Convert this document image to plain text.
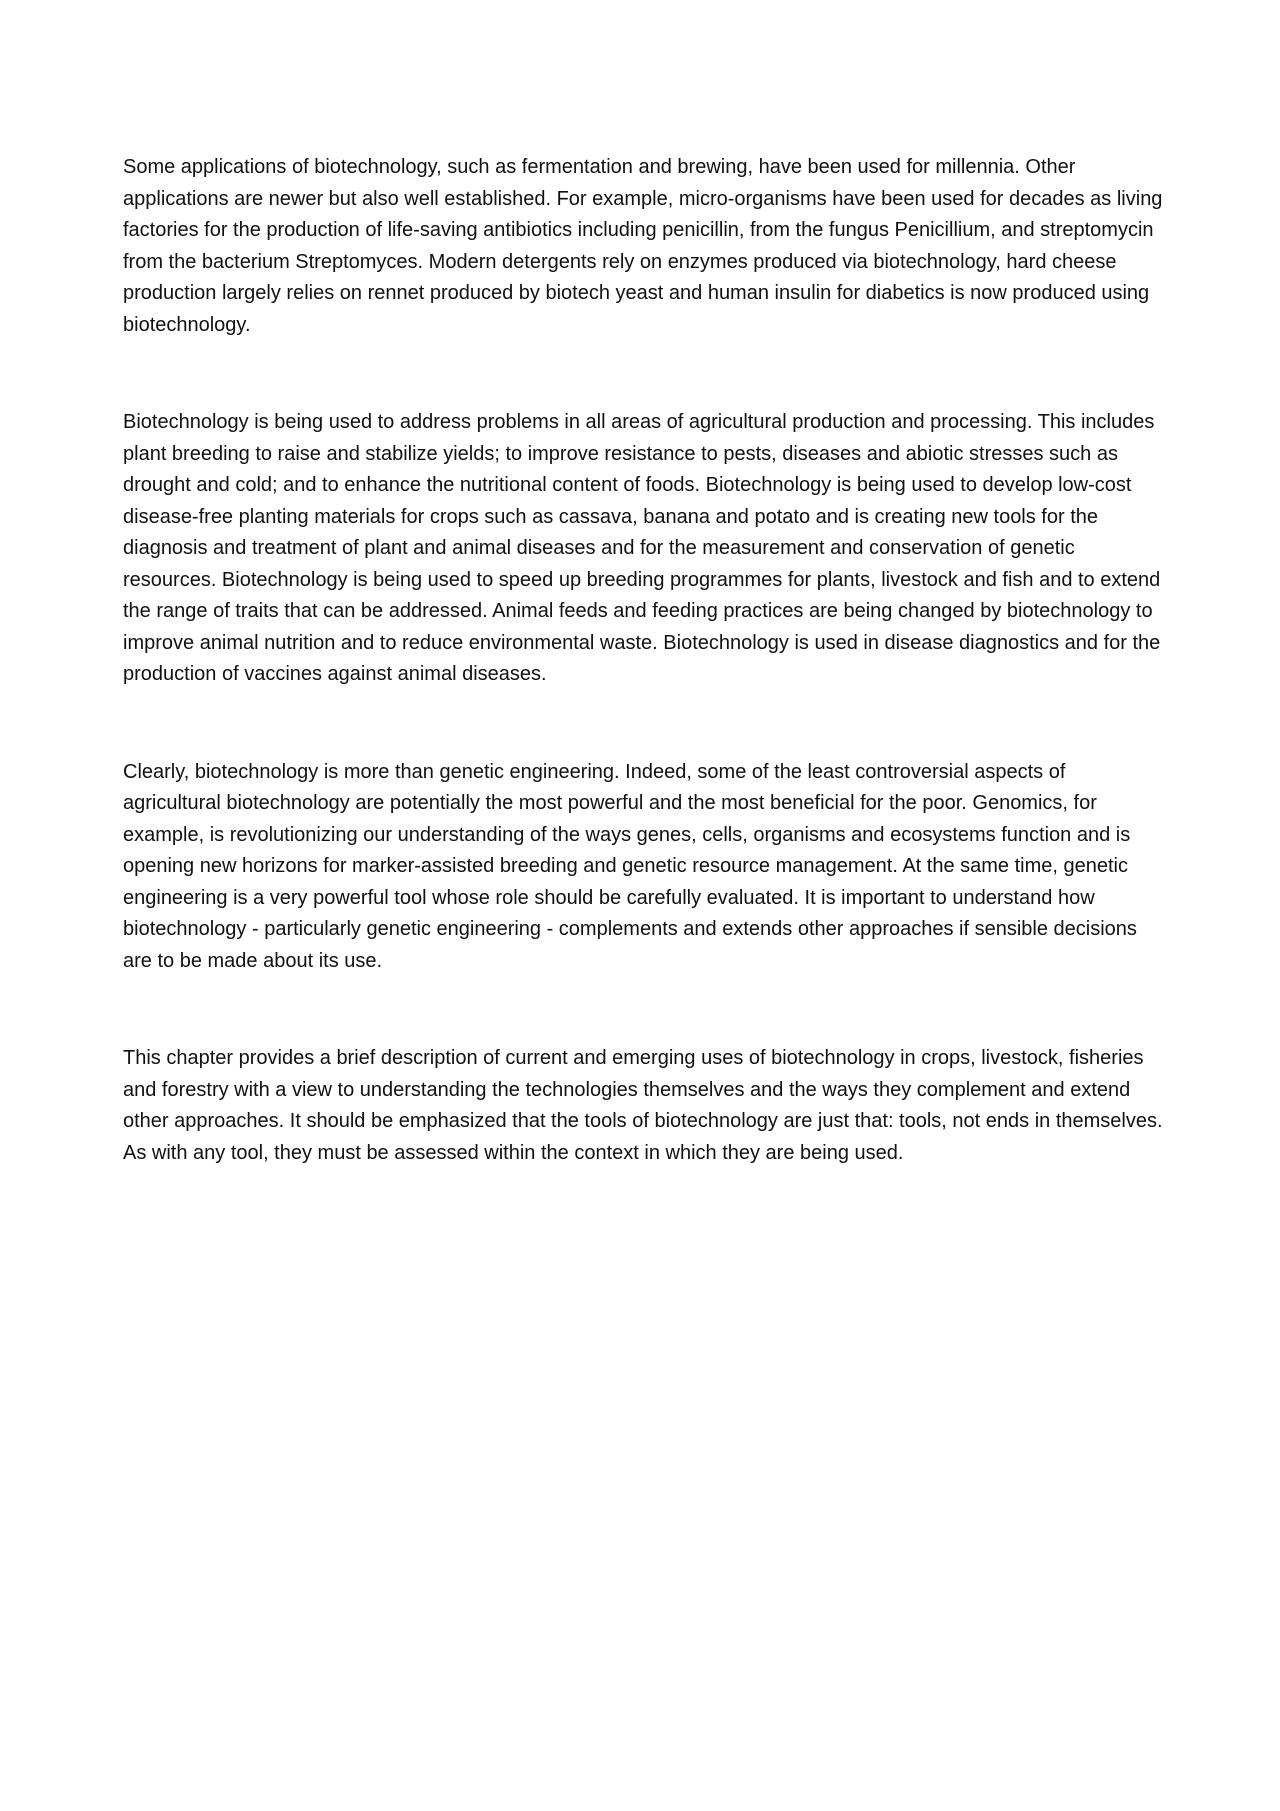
Some applications of biotechnology, such as fermentation and brewing, have been used for millennia. Other applications are newer but also well established. For example, micro-organisms have been used for decades as living factories for the production of life-saving antibiotics including penicillin, from the fungus Penicillium, and streptomycin from the bacterium Streptomyces. Modern detergents rely on enzymes produced via biotechnology, hard cheese production largely relies on rennet produced by biotech yeast and human insulin for diabetics is now produced using biotechnology.

Biotechnology is being used to address problems in all areas of agricultural production and processing. This includes plant breeding to raise and stabilize yields; to improve resistance to pests, diseases and abiotic stresses such as drought and cold; and to enhance the nutritional content of foods. Biotechnology is being used to develop low-cost disease-free planting materials for crops such as cassava, banana and potato and is creating new tools for the diagnosis and treatment of plant and animal diseases and for the measurement and conservation of genetic resources. Biotechnology is being used to speed up breeding programmes for plants, livestock and fish and to extend the range of traits that can be addressed. Animal feeds and feeding practices are being changed by biotechnology to improve animal nutrition and to reduce environmental waste. Biotechnology is used in disease diagnostics and for the production of vaccines against animal diseases.

Clearly, biotechnology is more than genetic engineering. Indeed, some of the least controversial aspects of agricultural biotechnology are potentially the most powerful and the most beneficial for the poor. Genomics, for example, is revolutionizing our understanding of the ways genes, cells, organisms and ecosystems function and is opening new horizons for marker-assisted breeding and genetic resource management. At the same time, genetic engineering is a very powerful tool whose role should be carefully evaluated. It is important to understand how biotechnology - particularly genetic engineering - complements and extends other approaches if sensible decisions are to be made about its use.

This chapter provides a brief description of current and emerging uses of biotechnology in crops, livestock, fisheries and forestry with a view to understanding the technologies themselves and the ways they complement and extend other approaches. It should be emphasized that the tools of biotechnology are just that: tools, not ends in themselves. As with any tool, they must be assessed within the context in which they are being used.
